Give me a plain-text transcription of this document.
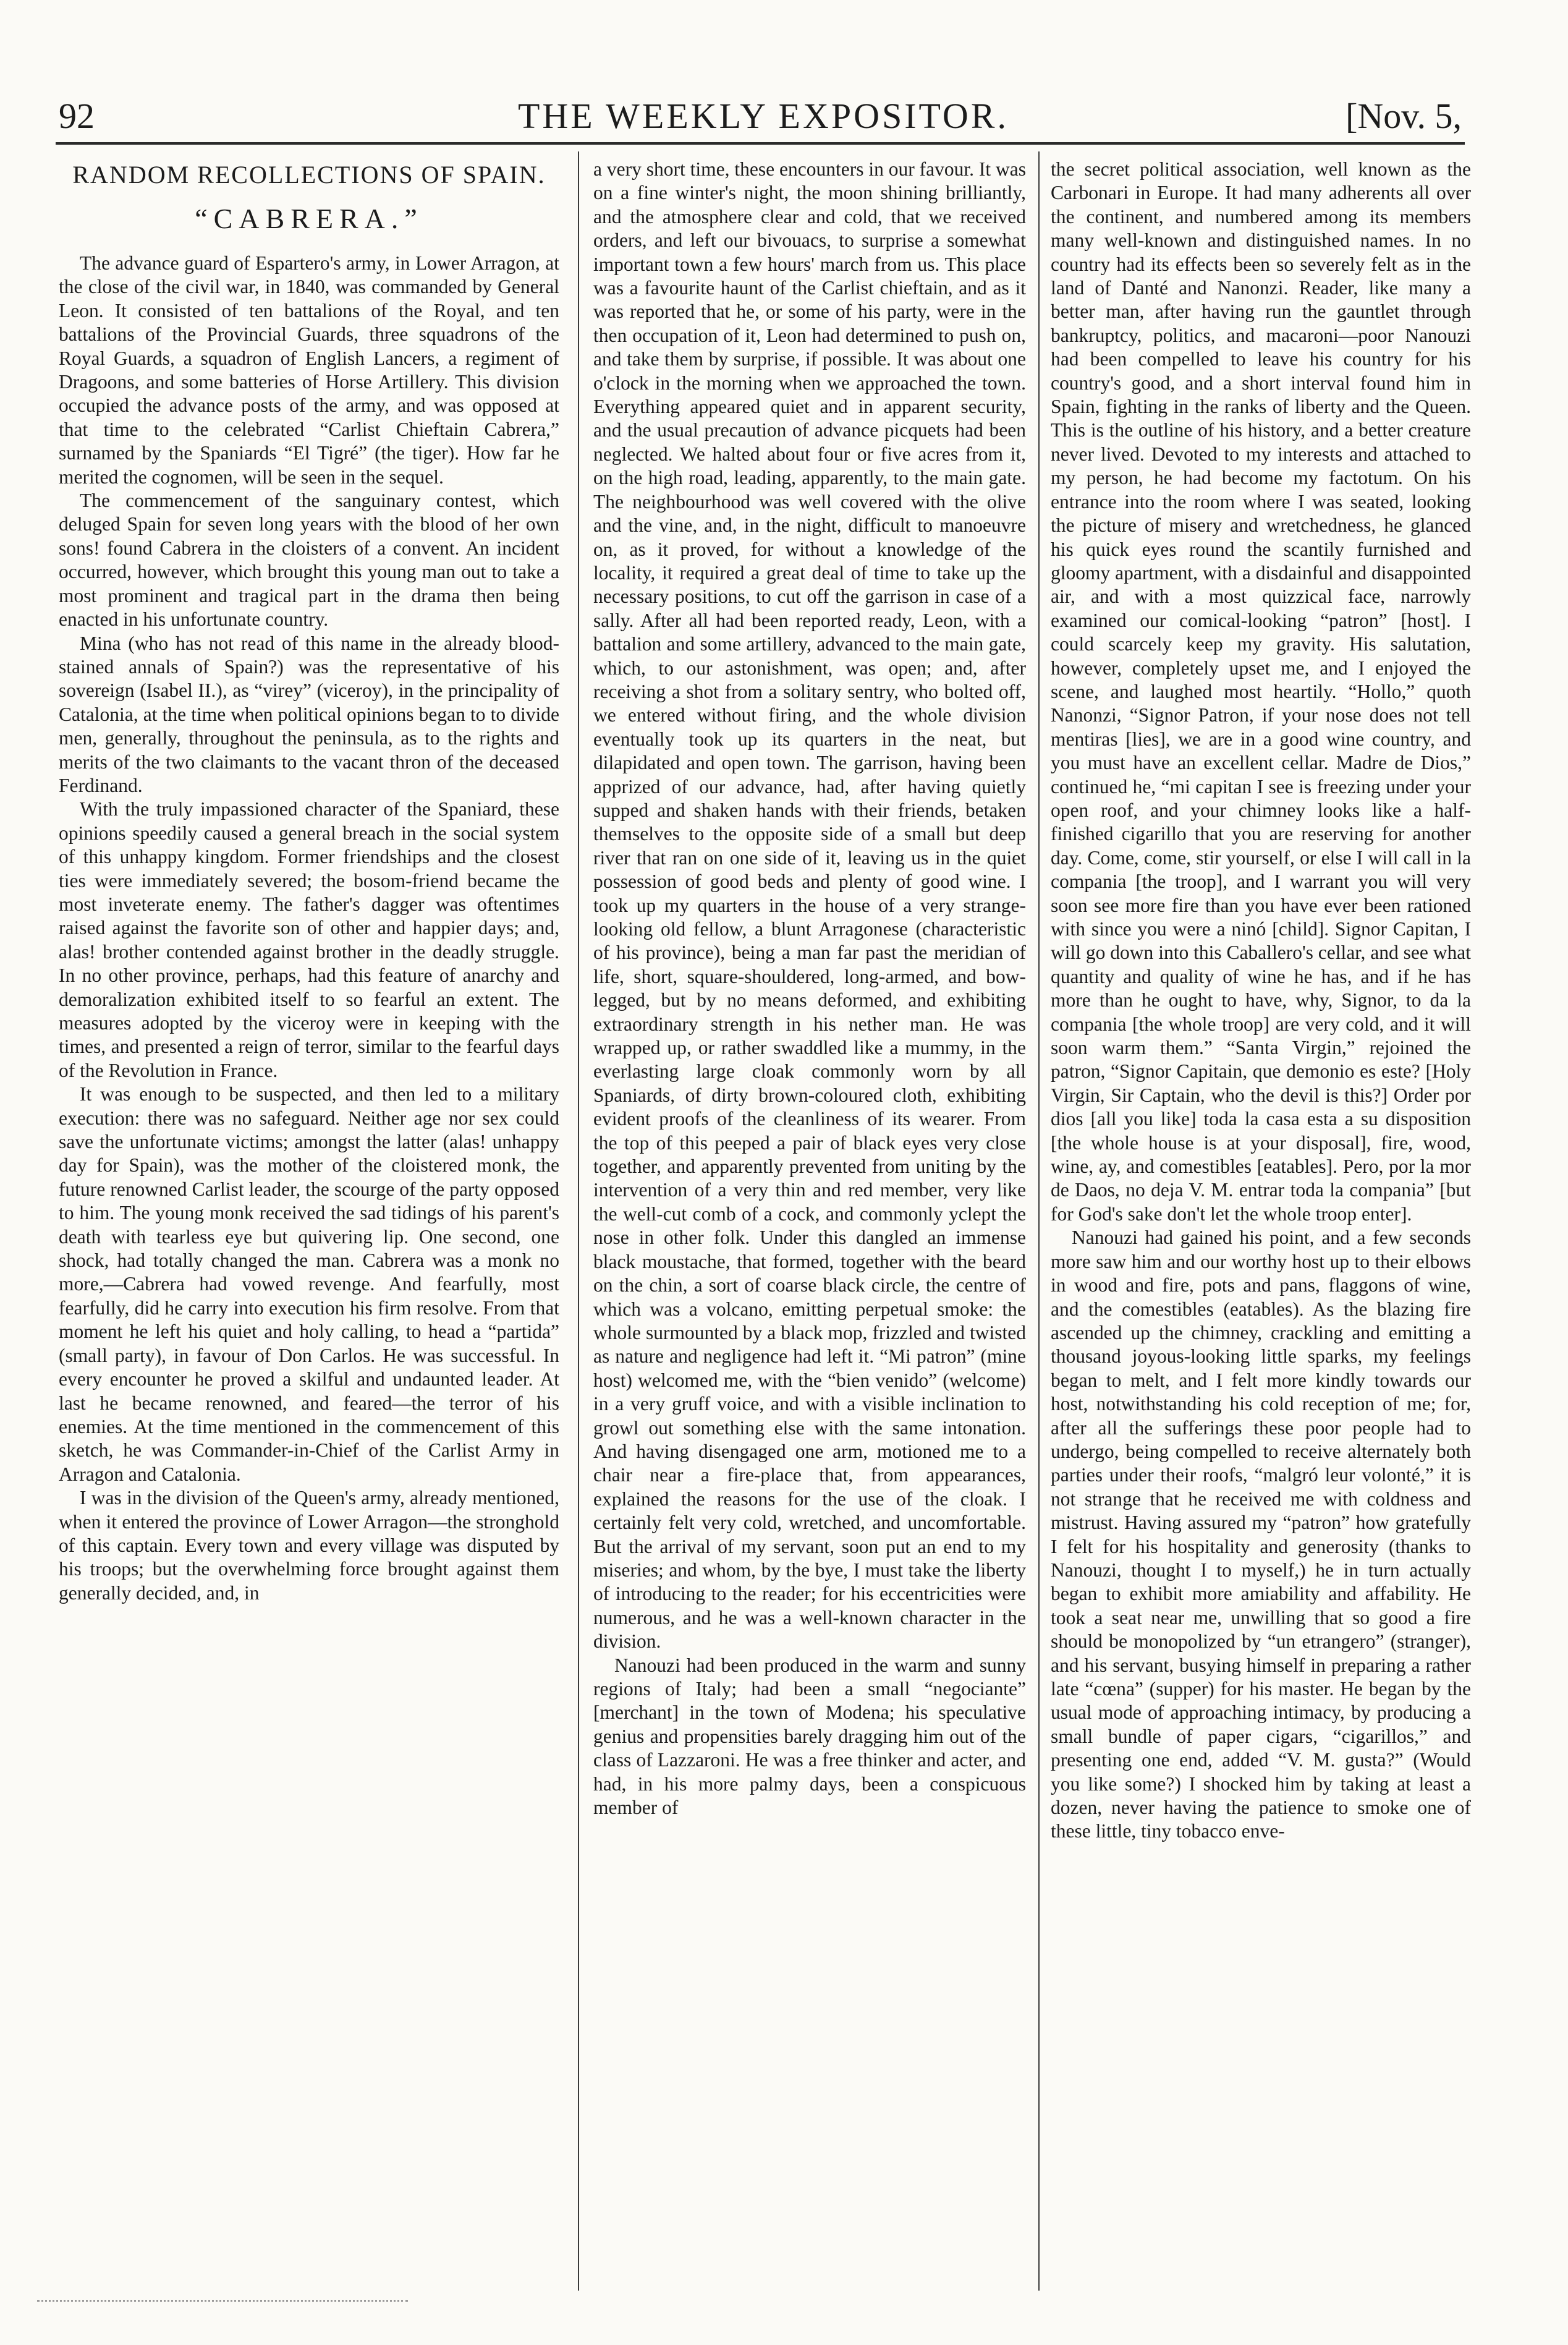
92	THE WEEKLY EXPOSITOR.	[Nov. 5,
RANDOM RECOLLECTIONS OF SPAIN.
“CABRERA.”

The advance guard of Espartero's army, in Lower Arragon, at the close of the civil war, in 1840, was commanded by General Leon. It consisted of ten battalions of the Royal, and ten battalions of the Provincial Guards, three squadrons of the Royal Guards, a squadron of English Lancers, a regiment of Dragoons, and some batteries of Horse Artillery. This division occupied the advance posts of the army, and was opposed at that time to the celebrated “Carlist Chieftain Cabrera,” surnamed by the Spaniards “El Tigré” (the tiger). How far he merited the cognomen, will be seen in the sequel.

The commencement of the sanguinary contest, which deluged Spain for seven long years with the blood of her own sons! found Cabrera in the cloisters of a convent. An incident occurred, however, which brought this young man out to take a most prominent and tragical part in the drama then being enacted in his unfortunate country.

Mina (who has not read of this name in the already blood-stained annals of Spain?) was the representative of his sovereign (Isabel II.), as “virey” (viceroy), in the principality of Catalonia, at the time when political opinions began to to divide men, generally, throughout the peninsula, as to the rights and merits of the two claimants to the vacant thron of the deceased Ferdinand.

With the truly impassioned character of the Spaniard, these opinions speedily caused a general breach in the social system of this unhappy kingdom. Former friendships and the closest ties were immediately severed; the bosom-friend became the most inveterate enemy. The father's dagger was oftentimes raised against the favorite son of other and happier days; and, alas! brother contended against brother in the deadly struggle. In no other province, perhaps, had this feature of anarchy and demoralization exhibited itself to so fearful an extent. The measures adopted by the viceroy were in keeping with the times, and presented a reign of terror, similar to the fearful days of the Revolution in France.

It was enough to be suspected, and then led to a military execution: there was no safeguard. Neither age nor sex could save the unfortunate victims; amongst the latter (alas! unhappy day for Spain), was the mother of the cloistered monk, the future renowned Carlist leader, the scourge of the party opposed to him. The young monk received the sad tidings of his parent's death with tearless eye but quivering lip. One second, one shock, had totally changed the man. Cabrera was a monk no more,—Cabrera had vowed revenge. And fearfully, most fearfully, did he carry into execution his firm resolve. From that moment he left his quiet and holy calling, to head a “partida” (small party), in favour of Don Carlos. He was successful. In every encounter he proved a skilful and undaunted leader. At last he became renowned, and feared—the terror of his enemies. At the time mentioned in the commencement of this sketch, he was Commander-in-Chief of the Carlist Army in Arragon and Catalonia.

I was in the division of the Queen's army, already mentioned, when it entered the province of Lower Arragon—the stronghold of this captain. Every town and every village was disputed by his troops; but the overwhelming force brought against them generally decided, and, in

a very short time, these encounters in our favour. It was on a fine winter's night, the moon shining brilliantly, and the atmosphere clear and cold, that we received orders, and left our bivouacs, to surprise a somewhat important town a few hours' march from us. This place was a favourite haunt of the Carlist chieftain, and as it was reported that he, or some of his party, were in the then occupation of it, Leon had determined to push on, and take them by surprise, if possible. It was about one o'clock in the morning when we approached the town. Everything appeared quiet and in apparent security, and the usual precaution of advance picquets had been neglected. We halted about four or five acres from it, on the high road, leading, apparently, to the main gate. The neighbourhood was well covered with the olive and the vine, and, in the night, difficult to manoeuvre on, as it proved, for without a knowledge of the locality, it required a great deal of time to take up the necessary positions, to cut off the garrison in case of a sally. After all had been reported ready, Leon, with a battalion and some artillery, advanced to the main gate, which, to our astonishment, was open; and, after receiving a shot from a solitary sentry, who bolted off, we entered without firing, and the whole division eventually took up its quarters in the neat, but dilapidated and open town. The garrison, having been apprized of our advance, had, after having quietly supped and shaken hands with their friends, betaken themselves to the opposite side of a small but deep river that ran on one side of it, leaving us in the quiet possession of good beds and plenty of good wine. I took up my quarters in the house of a very strange-looking old fellow, a blunt Arragonese (characteristic of his province), being a man far past the meridian of life, short, square-shouldered, long-armed, and bow-legged, but by no means deformed, and exhibiting extraordinary strength in his nether man. He was wrapped up, or rather swaddled like a mummy, in the everlasting large cloak commonly worn by all Spaniards, of dirty brown-coloured cloth, exhibiting evident proofs of the cleanliness of its wearer. From the top of this peeped a pair of black eyes very close together, and apparently prevented from uniting by the intervention of a very thin and red member, very like the well-cut comb of a cock, and commonly yclept the nose in other folk. Under this dangled an immense black moustache, that formed, together with the beard on the chin, a sort of coarse black circle, the centre of which was a volcano, emitting perpetual smoke: the whole surmounted by a black mop, frizzled and twisted as nature and negligence had left it. “Mi patron” (mine host) welcomed me, with the “bien venido” (welcome) in a very gruff voice, and with a visible inclination to growl out something else with the same intonation. And having disengaged one arm, motioned me to a chair near a fire-place that, from appearances, explained the reasons for the use of the cloak. I certainly felt very cold, wretched, and uncomfortable. But the arrival of my servant, soon put an end to my miseries; and whom, by the bye, I must take the liberty of introducing to the reader; for his eccentricities were numerous, and he was a well-known character in the division.

Nanouzi had been produced in the warm and sunny regions of Italy; had been a small “negociante” [merchant] in the town of Modena; his speculative genius and propensities barely dragging him out of the class of Lazzaroni. He was a free thinker and acter, and had, in his more palmy days, been a conspicuous member of

the secret political association, well known as the Carbonari in Europe. It had many adherents all over the continent, and numbered among its members many well-known and distinguished names. In no country had its effects been so severely felt as in the land of Danté and Nanonzi. Reader, like many a better man, after having run the gauntlet through bankruptcy, politics, and macaroni—poor Nanouzi had been compelled to leave his country for his country's good, and a short interval found him in Spain, fighting in the ranks of liberty and the Queen. This is the outline of his history, and a better creature never lived. Devoted to my interests and attached to my person, he had become my factotum. On his entrance into the room where I was seated, looking the picture of misery and wretchedness, he glanced his quick eyes round the scantily furnished and gloomy apartment, with a disdainful and disappointed air, and with a most quizzical face, narrowly examined our comical-looking “patron” [host]. I could scarcely keep my gravity. His salutation, however, completely upset me, and I enjoyed the scene, and laughed most heartily. “Hollo,” quoth Nanonzi, “Signor Patron, if your nose does not tell mentiras [lies], we are in a good wine country, and you must have an excellent cellar. Madre de Dios,” continued he, “mi capitan I see is freezing under your open roof, and your chimney looks like a half-finished cigarillo that you are reserving for another day. Come, come, stir yourself, or else I will call in la compania [the troop], and I warrant you will very soon see more fire than you have ever been rationed with since you were a ninó [child]. Signor Capitan, I will go down into this Caballero's cellar, and see what quantity and quality of wine he has, and if he has more than he ought to have, why, Signor, to da la compania [the whole troop] are very cold, and it will soon warm them.” “Santa Virgin,” rejoined the patron, “Signor Capitain, que demonio es este? [Holy Virgin, Sir Captain, who the devil is this?] Order por dios [all you like] toda la casa esta a su disposition [the whole house is at your disposal], fire, wood, wine, ay, and comestibles [eatables]. Pero, por la mor de Daos, no deja V. M. entrar toda la compania” [but for God's sake don't let the whole troop enter].

Nanouzi had gained his point, and a few seconds more saw him and our worthy host up to their elbows in wood and fire, pots and pans, flaggons of wine, and the comestibles (eatables). As the blazing fire ascended up the chimney, crackling and emitting a thousand joyous-looking little sparks, my feelings began to melt, and I felt more kindly towards our host, notwithstanding his cold reception of me; for, after all the sufferings these poor people had to undergo, being compelled to receive alternately both parties under their roofs, “malgró leur volonté,” it is not strange that he received me with coldness and mistrust. Having assured my “patron” how gratefully I felt for his hospitality and generosity (thanks to Nanouzi, thought I to myself,) he in turn actually began to exhibit more amiability and affability. He took a seat near me, unwilling that so good a fire should be monopolized by “un etrangero” (stranger), and his servant, busying himself in preparing a rather late “cœna” (supper) for his master. He began by the usual mode of approaching intimacy, by producing a small bundle of paper cigars, “cigarillos,” and presenting one end, added “V. M. gusta?” (Would you like some?) I shocked him by taking at least a dozen, never having the patience to smoke one of these little, tiny tobacco enve-
